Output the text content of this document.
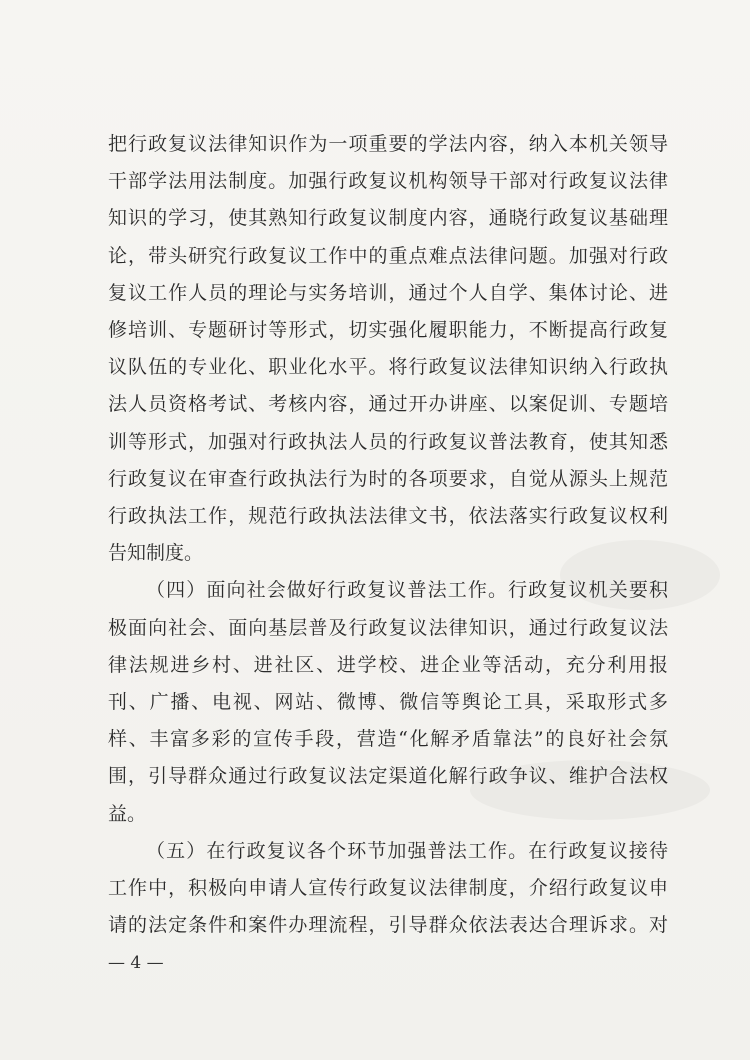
把行政复议法律知识作为一项重要的学法内容，纳入本机关领导
干部学法用法制度。加强行政复议机构领导干部对行政复议法律
知识的学习，使其熟知行政复议制度内容，通晓行政复议基础理
论，带头研究行政复议工作中的重点难点法律问题。加强对行政
复议工作人员的理论与实务培训，通过个人自学、集体讨论、进
修培训、专题研讨等形式，切实强化履职能力，不断提高行政复
议队伍的专业化、职业化水平。将行政复议法律知识纳入行政执
法人员资格考试、考核内容，通过开办讲座、以案促训、专题培
训等形式，加强对行政执法人员的行政复议普法教育，使其知悉
行政复议在审查行政执法行为时的各项要求，自觉从源头上规范
行政执法工作，规范行政执法法律文书，依法落实行政复议权利
告知制度。
（四）面向社会做好行政复议普法工作。行政复议机关要积
极面向社会、面向基层普及行政复议法律知识，通过行政复议法
律法规进乡村、进社区、进学校、进企业等活动，充分利用报
刊、广播、电视、网站、微博、微信等舆论工具，采取形式多
样、丰富多彩的宣传手段，营造“化解矛盾靠法”的良好社会氛
围，引导群众通过行政复议法定渠道化解行政争议、维护合法权
益。
（五）在行政复议各个环节加强普法工作。在行政复议接待
工作中，积极向申请人宣传行政复议法律制度，介绍行政复议申
请的法定条件和案件办理流程，引导群众依法表达合理诉求。对
— 4 —
